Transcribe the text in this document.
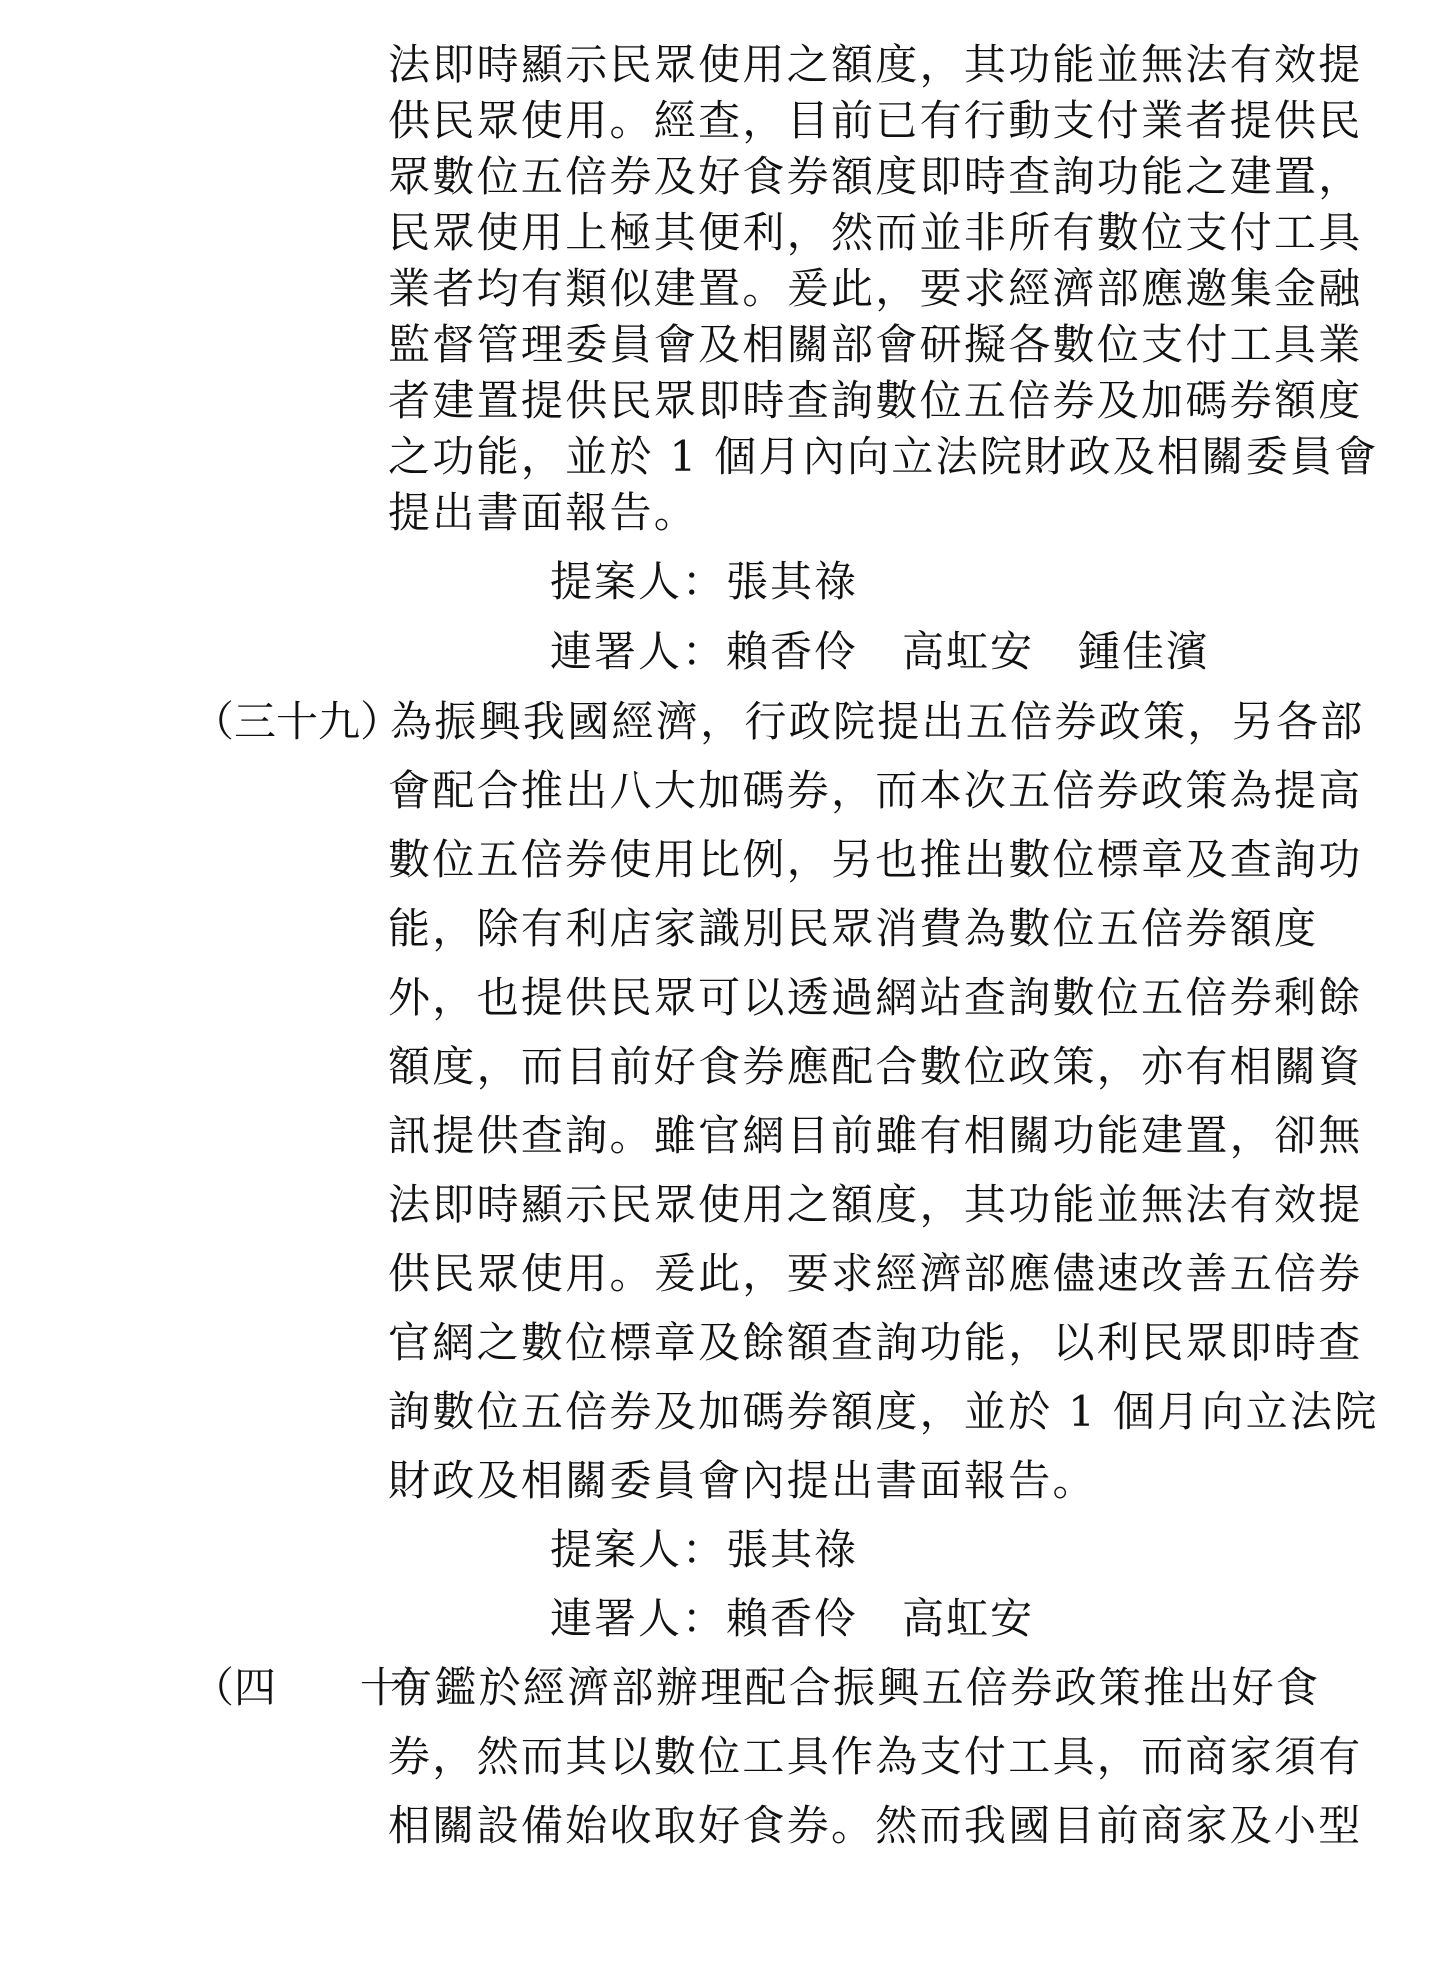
法即時顯示民眾使用之額度，其功能並無法有效提
供民眾使用。經查，目前已有行動支付業者提供民
眾數位五倍券及好食券額度即時查詢功能之建置，
民眾使用上極其便利，然而並非所有數位支付工具
業者均有類似建置。爰此，要求經濟部應邀集金融
監督管理委員會及相關部會研擬各數位支付工具業
者建置提供民眾即時查詢數位五倍券及加碼券額度
之功能，並於 1 個月內向立法院財政及相關委員會
提出書面報告。
提案人：張其祿
連署人：賴香伶　高虹安　鍾佳濱
（三十九）
為振興我國經濟，行政院提出五倍券政策，另各部
會配合推出八大加碼券，而本次五倍券政策為提高
數位五倍券使用比例，另也推出數位標章及查詢功
能，除有利店家識別民眾消費為數位五倍券額度
外，也提供民眾可以透過網站查詢數位五倍券剩餘
額度，而目前好食券應配合數位政策，亦有相關資
訊提供查詢。雖官網目前雖有相關功能建置，卻無
法即時顯示民眾使用之額度，其功能並無法有效提
供民眾使用。爰此，要求經濟部應儘速改善五倍券
官網之數位標章及餘額查詢功能，以利民眾即時查
詢數位五倍券及加碼券額度，並於 1 個月向立法院
財政及相關委員會內提出書面報告。
提案人：張其祿
連署人：賴香伶　高虹安
（四　　十）
有鑑於經濟部辦理配合振興五倍券政策推出好食
券，然而其以數位工具作為支付工具，而商家須有
相關設備始收取好食券。然而我國目前商家及小型
